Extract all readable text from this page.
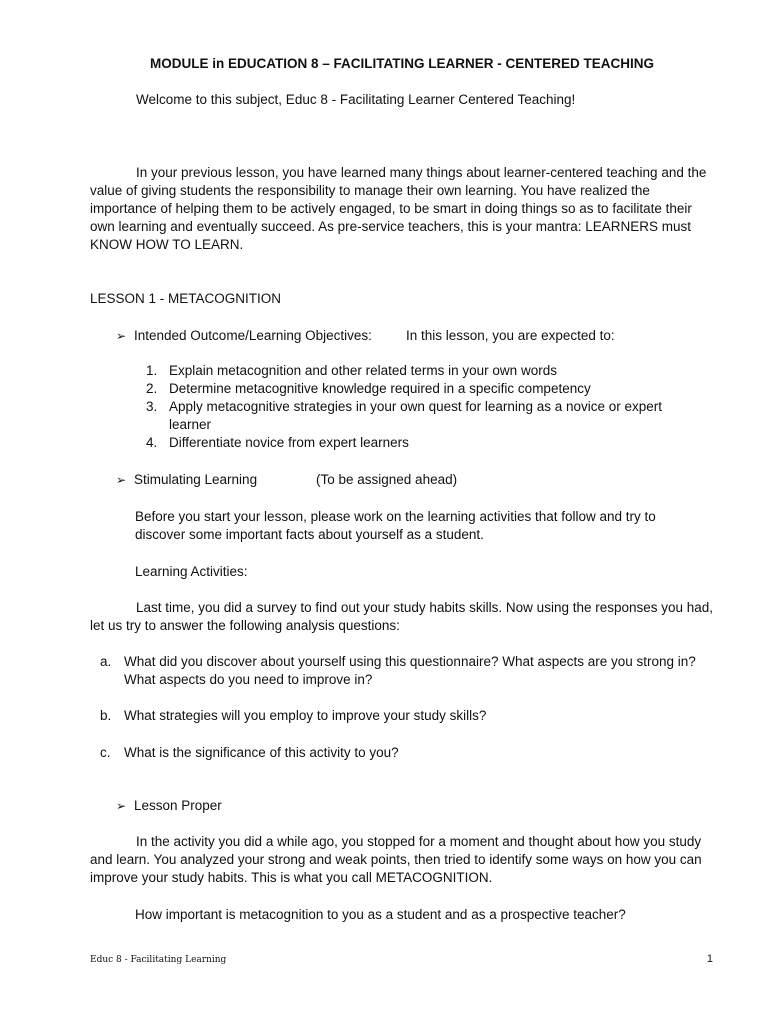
MODULE in EDUCATION 8 – FACILITATING LEARNER - CENTERED TEACHING
Welcome to this subject, Educ 8 - Facilitating Learner Centered Teaching!
In your previous lesson, you have learned many things about learner-centered teaching and the value of giving students the responsibility to manage their own learning. You have realized the importance of helping them to be actively engaged, to be smart in doing things so as to facilitate their own learning and eventually succeed. As pre-service teachers, this is your mantra: LEARNERS must KNOW HOW TO LEARN.
LESSON 1 - METACOGNITION
➢ Intended Outcome/Learning Objectives:	In this lesson, you are expected to:
1. Explain metacognition and other related terms in your own words
2. Determine metacognitive knowledge required in a specific competency
3. Apply metacognitive strategies in your own quest for learning as a novice or expert learner
4. Differentiate novice from expert learners
➢ Stimulating Learning	(To be assigned ahead)
Before you start your lesson, please work on the learning activities that follow and try to discover some important facts about yourself as a student.
Learning Activities:
Last time, you did a survey to find out your study habits skills. Now using the responses you had, let us try to answer the following analysis questions:
a. What did you discover about yourself using this questionnaire? What aspects are you strong in? What aspects do you need to improve in?
b. What strategies will you employ to improve your study skills?
c. What is the significance of this activity to you?
➢ Lesson Proper
In the activity you did a while ago, you stopped for a moment and thought about how you study and learn. You analyzed your strong and weak points, then tried to identify some ways on how you can improve your study habits. This is what you call METACOGNITION.
How important is metacognition to you as a student and as a prospective teacher?
Educ 8 - Facilitating Learning	1
